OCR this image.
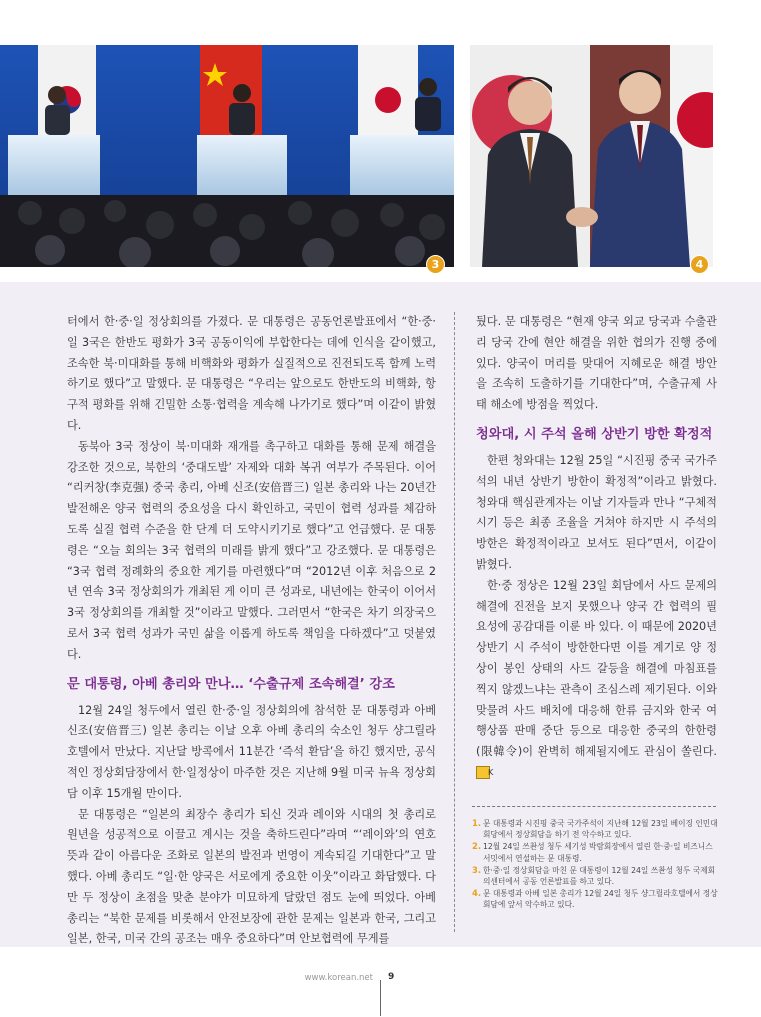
3	4

터에서 한·중·일 정상회의를 가졌다. 문 대통령은 공동언론발표에서 “한·중·일 3국은 한반도 평화가 3국 공동이익에 부합한다는 데에 인식을 같이했고, 조속한 북·미대화를 통해 비핵화와 평화가 실질적으로 진전되도록 함께 노력하기로 했다”고 말했다. 문 대통령은 “우리는 앞으로도 한반도의 비핵화, 항구적 평화를 위해 긴밀한 소통·협력을 계속해 나가기로 했다”며 이같이 밝혔다.

동북아 3국 정상이 북·미대화 재개를 촉구하고 대화를 통해 문제 해결을 강조한 것으로, 북한의 ‘중대도발’ 자제와 대화 복귀 여부가 주목된다. 이어 “리커창(李克强) 중국 총리, 아베 신조(安倍晋三) 일본 총리와 나는 20년간 발전해온 양국 협력의 중요성을 다시 확인하고, 국민이 협력 성과를 체감하도록 실질 협력 수준을 한 단계 더 도약시키기로 했다”고 언급했다. 문 대통령은 “오늘 회의는 3국 협력의 미래를 밝게 했다”고 강조했다. 문 대통령은 “3국 협력 정례화의 중요한 계기를 마련했다”며 “2012년 이후 처음으로 2년 연속 3국 정상회의가 개최된 게 이미 큰 성과로, 내년에는 한국이 이어서 3국 정상회의를 개최할 것”이라고 말했다. 그러면서 “한국은 차기 의장국으로서 3국 협력 성과가 국민 삶을 이롭게 하도록 책임을 다하겠다”고 덧붙였다.

문 대통령, 아베 총리와 만나… ‘수출규제 조속해결’ 강조

12월 24일 청두에서 열린 한·중·일 정상회의에 참석한 문 대통령과 아베 신조(安倍晋三) 일본 총리는 이날 오후 아베 총리의 숙소인 청두 샹그릴라 호텔에서 만났다. 지난달 방콕에서 11분간 ‘즉석 환담’을 하긴 했지만, 공식적인 정상회담장에서 한·일정상이 마주한 것은 지난해 9월 미국 뉴욕 정상회담 이후 15개월 만이다.

문 대통령은 “일본의 최장수 총리가 되신 것과 레이와 시대의 첫 총리로 원년을 성공적으로 이끌고 계시는 것을 축하드린다”라며 “‘레이와’의 연호 뜻과 같이 아름다운 조화로 일본의 발전과 번영이 계속되길 기대한다”고 말했다. 아베 총리도 “일·한 양국은 서로에게 중요한 이웃”이라고 화답했다. 다만 두 정상이 초점을 맞춘 분야가 미묘하게 달랐던 점도 눈에 띄었다. 아베 총리는 “북한 문제를 비롯해서 안전보장에 관한 문제는 일본과 한국, 그리고 일본, 한국, 미국 간의 공조는 매우 중요하다”며 안보협력에 무게를

뒀다. 문 대통령은 “현재 양국 외교 당국과 수출관리 당국 간에 현안 해결을 위한 협의가 진행 중에 있다. 양국이 머리를 맞대어 지혜로운 해결 방안을 조속히 도출하기를 기대한다”며, 수출규제 사태 해소에 방점을 찍었다.

청와대, 시 주석 올해 상반기 방한 확정적

한편 청와대는 12월 25일 “시진핑 중국 국가주석의 내년 상반기 방한이 확정적”이라고 밝혔다. 청와대 핵심관계자는 이날 기자들과 만나 “구체적 시기 등은 최종 조율을 거쳐야 하지만 시 주석의 방한은 확정적이라고 보셔도 된다”면서, 이같이 밝혔다.

한·중 정상은 12월 23일 회담에서 사드 문제의 해결에 진전을 보지 못했으나 양국 간 협력의 필요성에 공감대를 이룬 바 있다. 이 때문에 2020년 상반기 시 주석이 방한한다면 이를 계기로 양 정상이 봉인 상태의 사드 갈등을 해결에 마침표를 찍지 않겠느냐는 관측이 조심스레 제기된다. 이와 맞물려 사드 배치에 대응해 한류 금지와 한국 여행상품 판매 중단 등으로 대응한 중국의 한한령(限韓令)이 완벽히 해제될지에도 관심이 쏠린다. K

1. 문 대통령과 시진핑 중국 국가주석이 지난해 12월 23일 베이징 인민대회당에서 정상회담을 하기 전 악수하고 있다.
2. 12월 24일 쓰촨성 청두 세기성 박람회장에서 열린 한·중·일 비즈니스 서밋에서 연설하는 문 대통령.
3. 한·중·일 정상회담을 마친 문 대통령이 12월 24일 쓰촨성 청두 국제회의센터에서 공동 언론발표를 하고 있다.
4. 문 대통령과 아베 일본 총리가 12월 24일 청두 샹그릴라호텔에서 정상회담에 앞서 악수하고 있다.
www.korean.net 9
